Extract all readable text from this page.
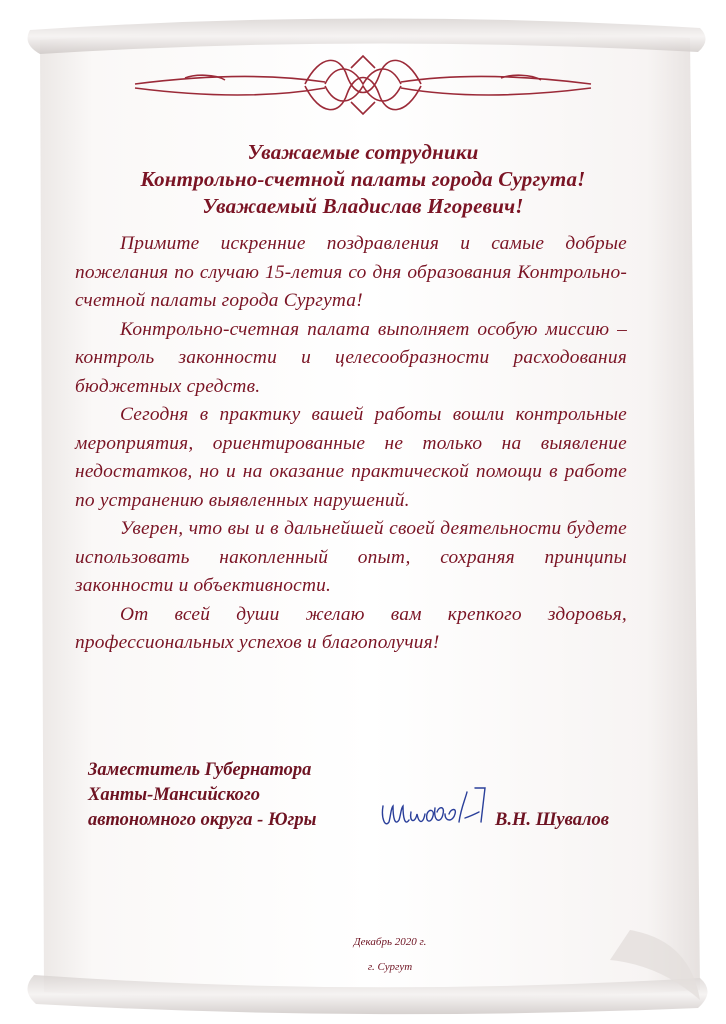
Уважаемые сотрудники
Контрольно-счетной палаты города Сургута!
Уважаемый Владислав Игоревич!

Примите искренние поздравления и самые добрые пожелания по случаю 15-летия со дня образования Контрольно-счетной палаты города Сургута!

Контрольно-счетная палата выполняет особую миссию – контроль законности и целесообразности расходования бюджетных средств.

Сегодня в практику вашей работы вошли контрольные мероприятия, ориентированные не только на выявление недостатков, но и на оказание практической помощи в работе по устранению выявленных нарушений.

Уверен, что вы и в дальнейшей своей деятельности будете использовать накопленный опыт, сохраняя принципы законности и объективности.

От всей души желаю вам крепкого здоровья, профессиональных успехов и благополучия!

Заместитель Губернатора
Ханты-Мансийского
автономного округа - Югры	В.Н. Шувалов
Декабрь 2020 г.
г. Сургут
